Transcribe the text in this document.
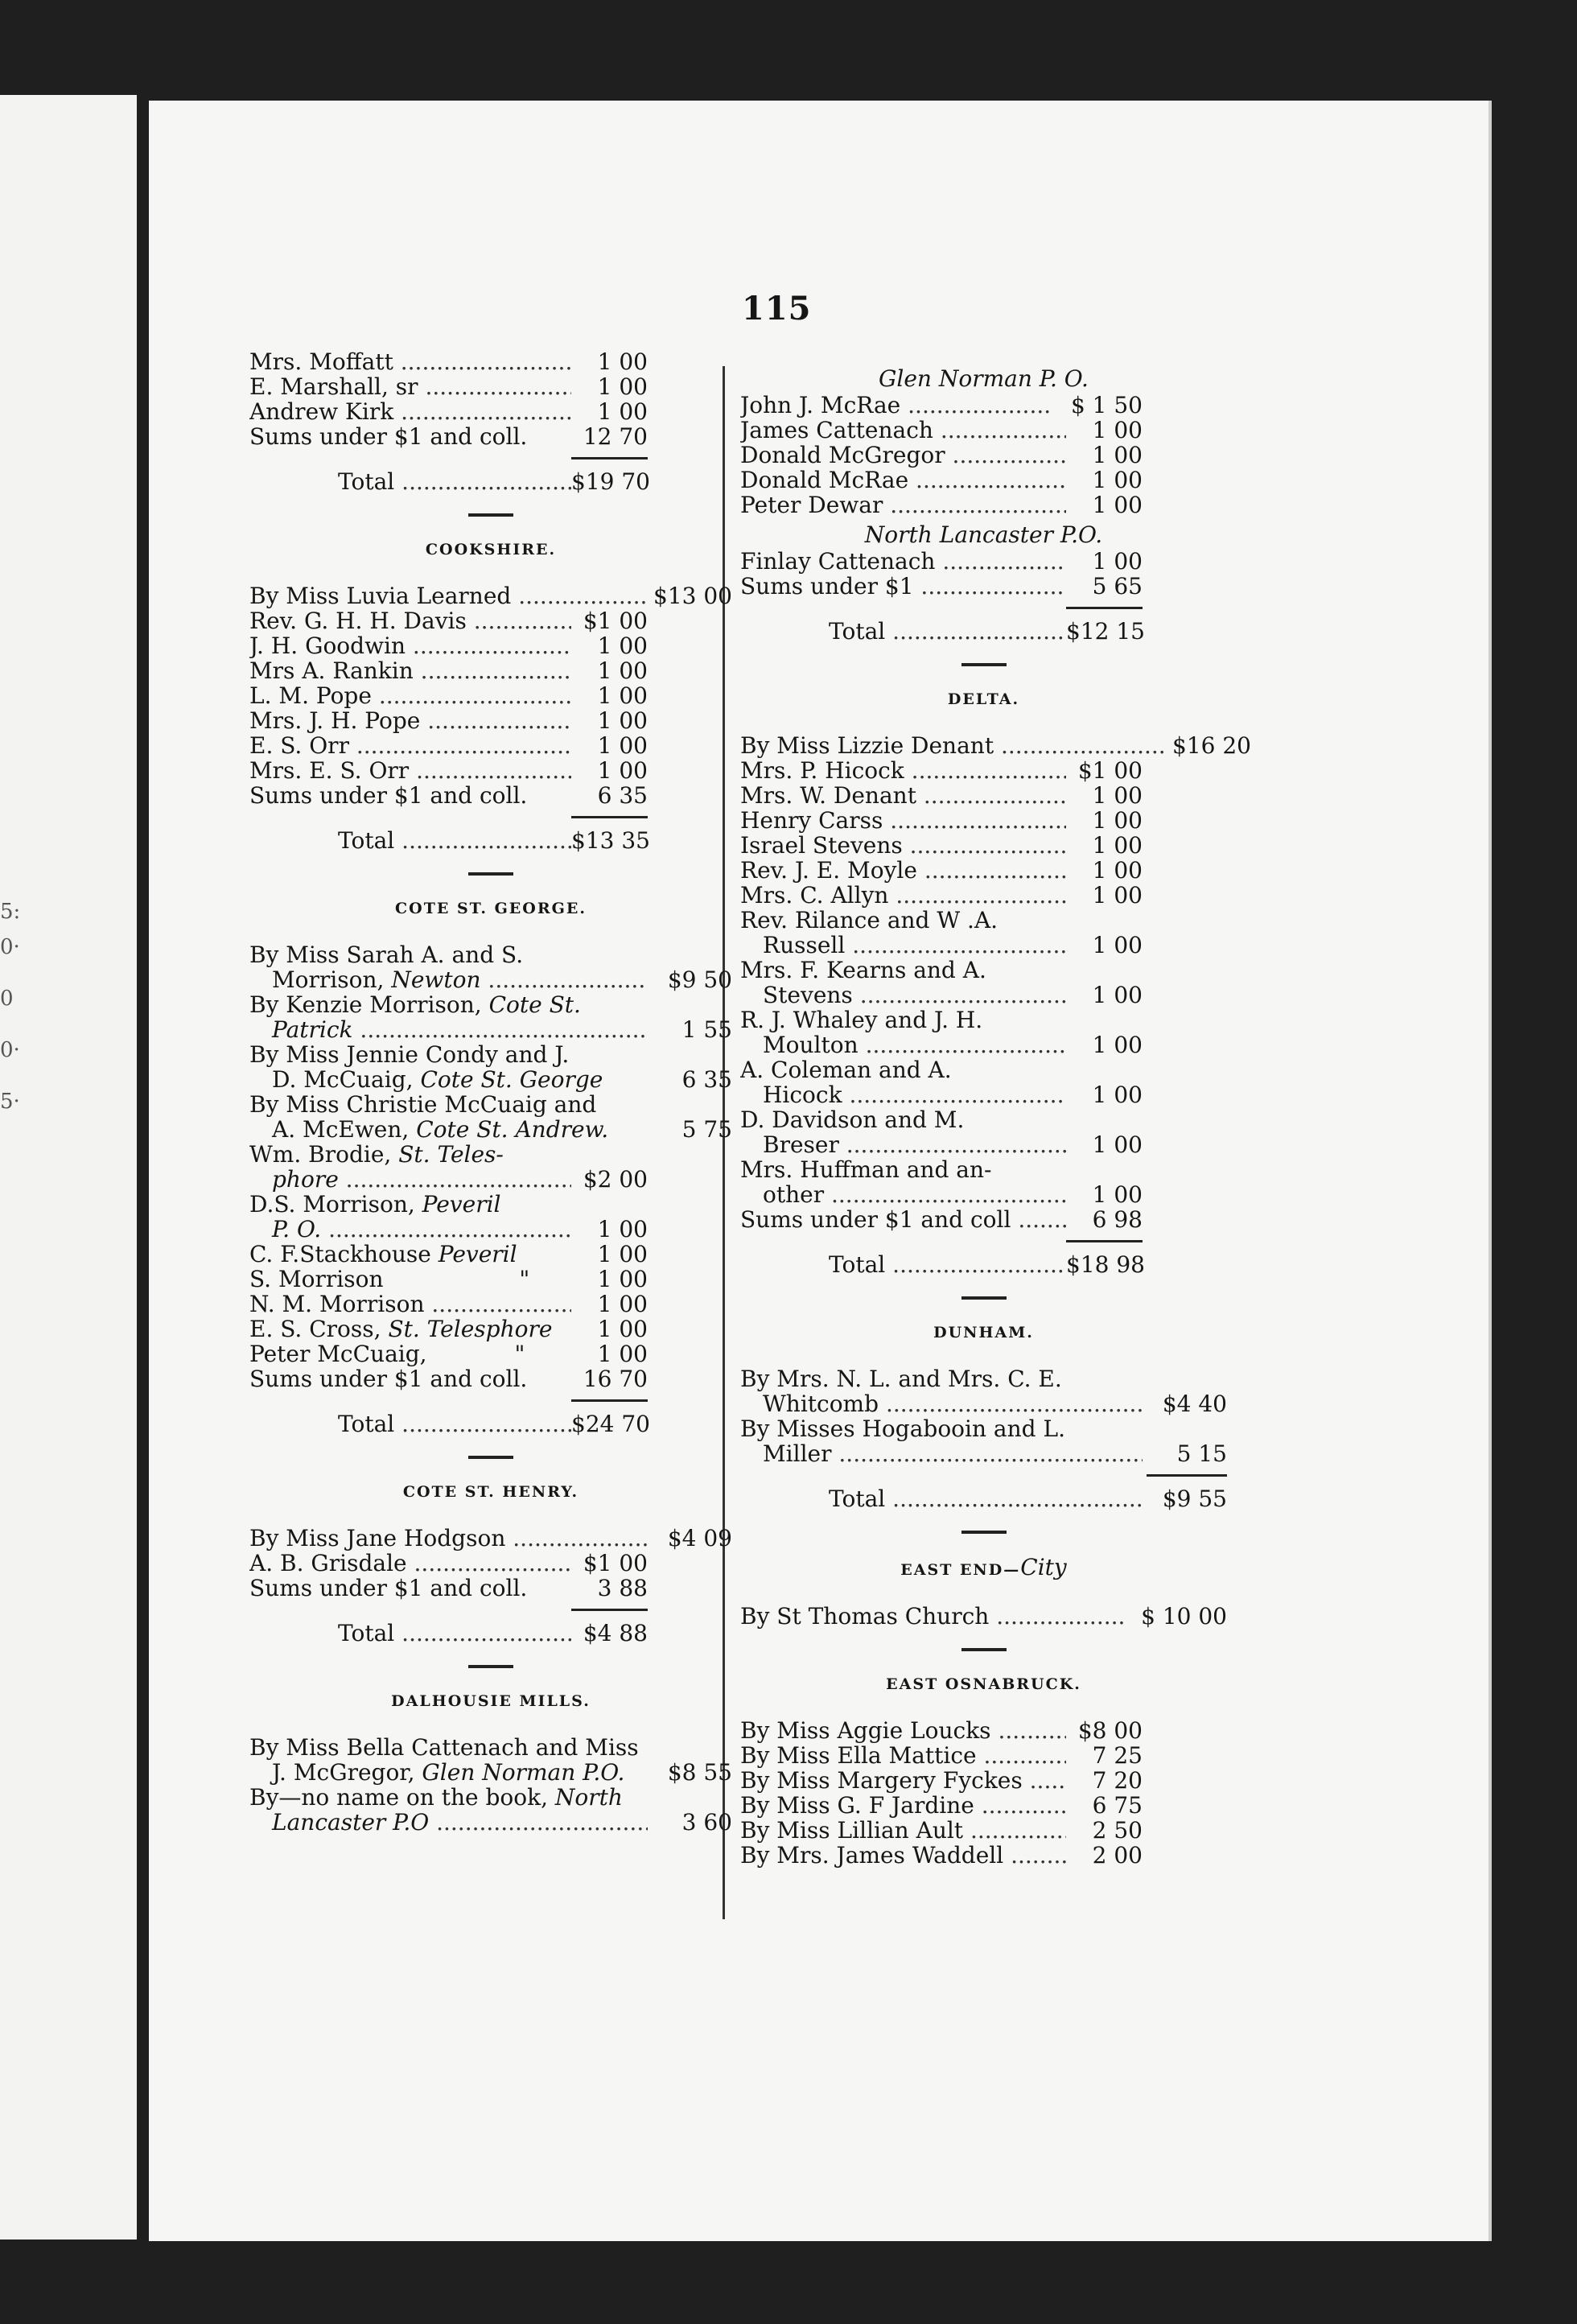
5:
0·
0
0·
5·
115
Mrs. Moffatt .....	1 00
E. Marshall, sr .....	1 00
Andrew Kirk .....	1 00
Sums under $1 and coll.	12 70
Total .....	$19 70
COOKSHIRE.
By Miss Luvia Learned .....	$13 00
Rev. G. H. H. Davis .....	$1 00
J. H. Goodwin .....	1 00
Mrs A. Rankin .....	1 00
L. M. Pope .....	1 00
Mrs. J. H. Pope .....	1 00
E. S. Orr .....	1 00
Mrs. E. S. Orr .....	1 00
Sums under $1 and coll.	6 35
Total .....	$13 35
COTE ST. GEORGE.
By Miss Sarah A. and S.
Morrison, Newton .....	$9 50
By Kenzie Morrison, Cote St.
Patrick .....	1 55
By Miss Jennie Condy and J.
D. McCuaig, Cote St. George	6 35
By Miss Christie McCuaig and
A. McEwen, Cote St. Andrew.	5 75
Wm. Brodie, St. Teles-
phore .....	$2 00
D.S. Morrison, Peveril
P. O. .....	1 00
C. F.Stackhouse Peveril	1 00
S. Morrison	"	1 00
N. M. Morrison .....	1 00
E. S. Cross, St. Telesphore	1 00
Peter McCuaig,	"	1 00
Sums under $1 and coll.	16 70
Total .....	$24 70
COTE ST. HENRY.
By Miss Jane Hodgson .....	$4 09
A. B. Grisdale .....	$1 00
Sums under $1 and coll.	3 88
Total .....	$4 88
DALHOUSIE MILLS.
By Miss Bella Cattenach and Miss
J. McGregor, Glen Norman P.O.	$8 55
By—no name on the book, North
Lancaster P.O .....	3 60
Glen Norman P. O.
John J. McRae .....	$ 1 50
James Cattenach .....	1 00
Donald McGregor .....	1 00
Donald McRae .....	1 00
Peter Dewar .....	1 00
North Lancaster P.O.
Finlay Cattenach .....	1 00
Sums under $1 .....	5 65
Total .....	$12 15
DELTA.
By Miss Lizzie Denant .....	$16 20
Mrs. P. Hicock .....	$1 00
Mrs. W. Denant .....	1 00
Henry Carss .....	1 00
Israel Stevens .....	1 00
Rev. J. E. Moyle .....	1 00
Mrs. C. Allyn .....	1 00
Rev. Rilance and W .A.
Russell .....	1 00
Mrs. F. Kearns and A.
Stevens .....	1 00
R. J. Whaley and J. H.
Moulton .....	1 00
A. Coleman and A.
Hicock .....	1 00
D. Davidson and M.
Breser .....	1 00
Mrs. Huffman and an-
other .....	1 00
Sums under $1 and coll .....	6 98
Total .....	$18 98
DUNHAM.
By Mrs. N. L. and Mrs. C. E.
Whitcomb .....	$4 40
By Misses Hogabooin and L.
Miller .....	5 15
Total .....	$9 55
EAST END—City
By St Thomas Church .....	$ 10 00
EAST OSNABRUCK.
By Miss Aggie Loucks .....	$8 00
By Miss Ella Mattice .....	7 25
By Miss Margery Fyckes .....	7 20
By Miss G. F Jardine .....	6 75
By Miss Lillian Ault .....	2 50
By Mrs. James Waddell .....	2 00
